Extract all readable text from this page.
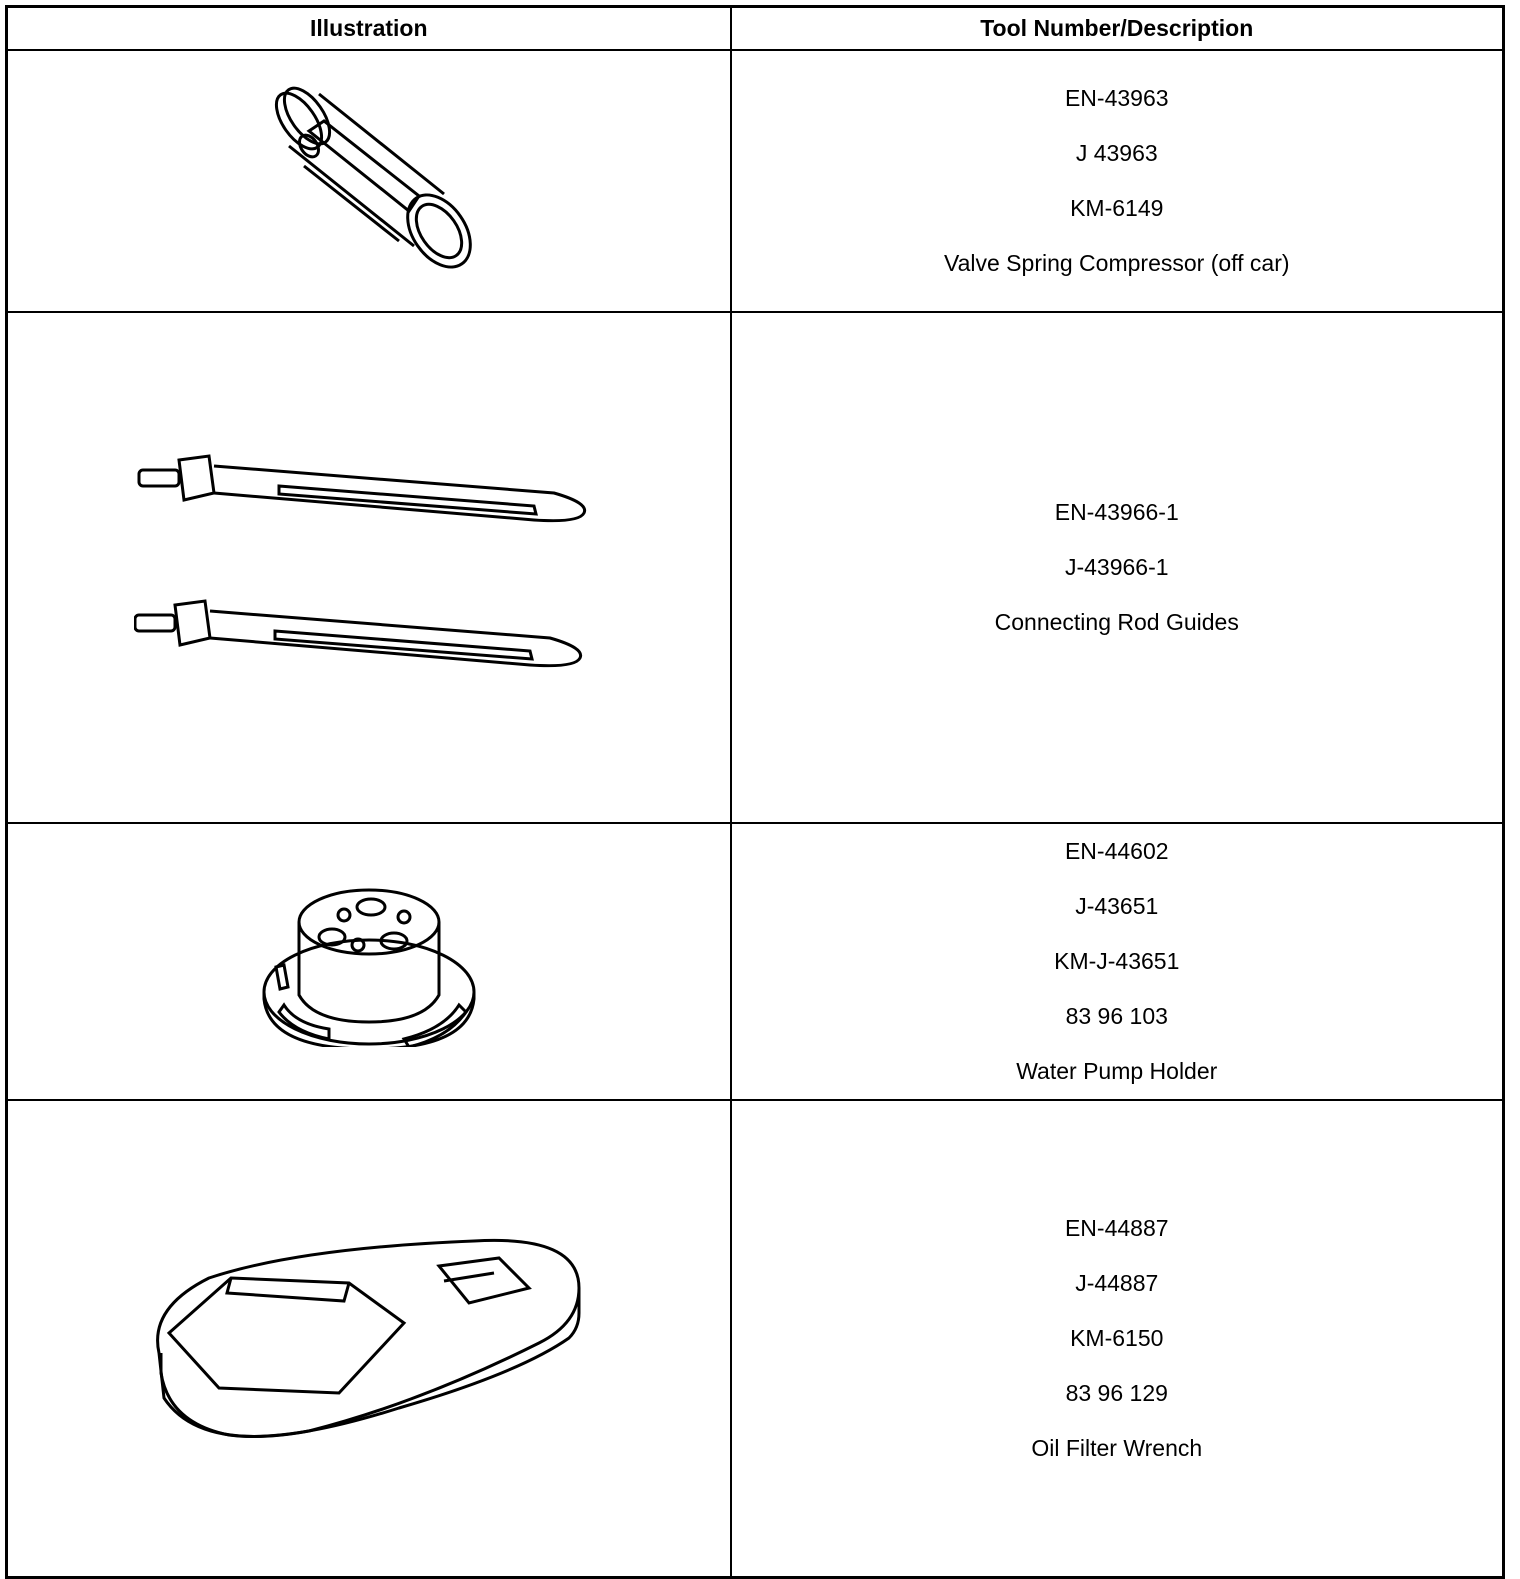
Illustration	Tool Number/Description

EN-43963
J 43963
KM-6149
Valve Spring Compressor (off car)

EN-43966-1
J-43966-1
Connecting Rod Guides

EN-44602
J-43651
KM-J-43651
83 96 103
Water Pump Holder

EN-44887
J-44887
KM-6150
83 96 129
Oil Filter Wrench
